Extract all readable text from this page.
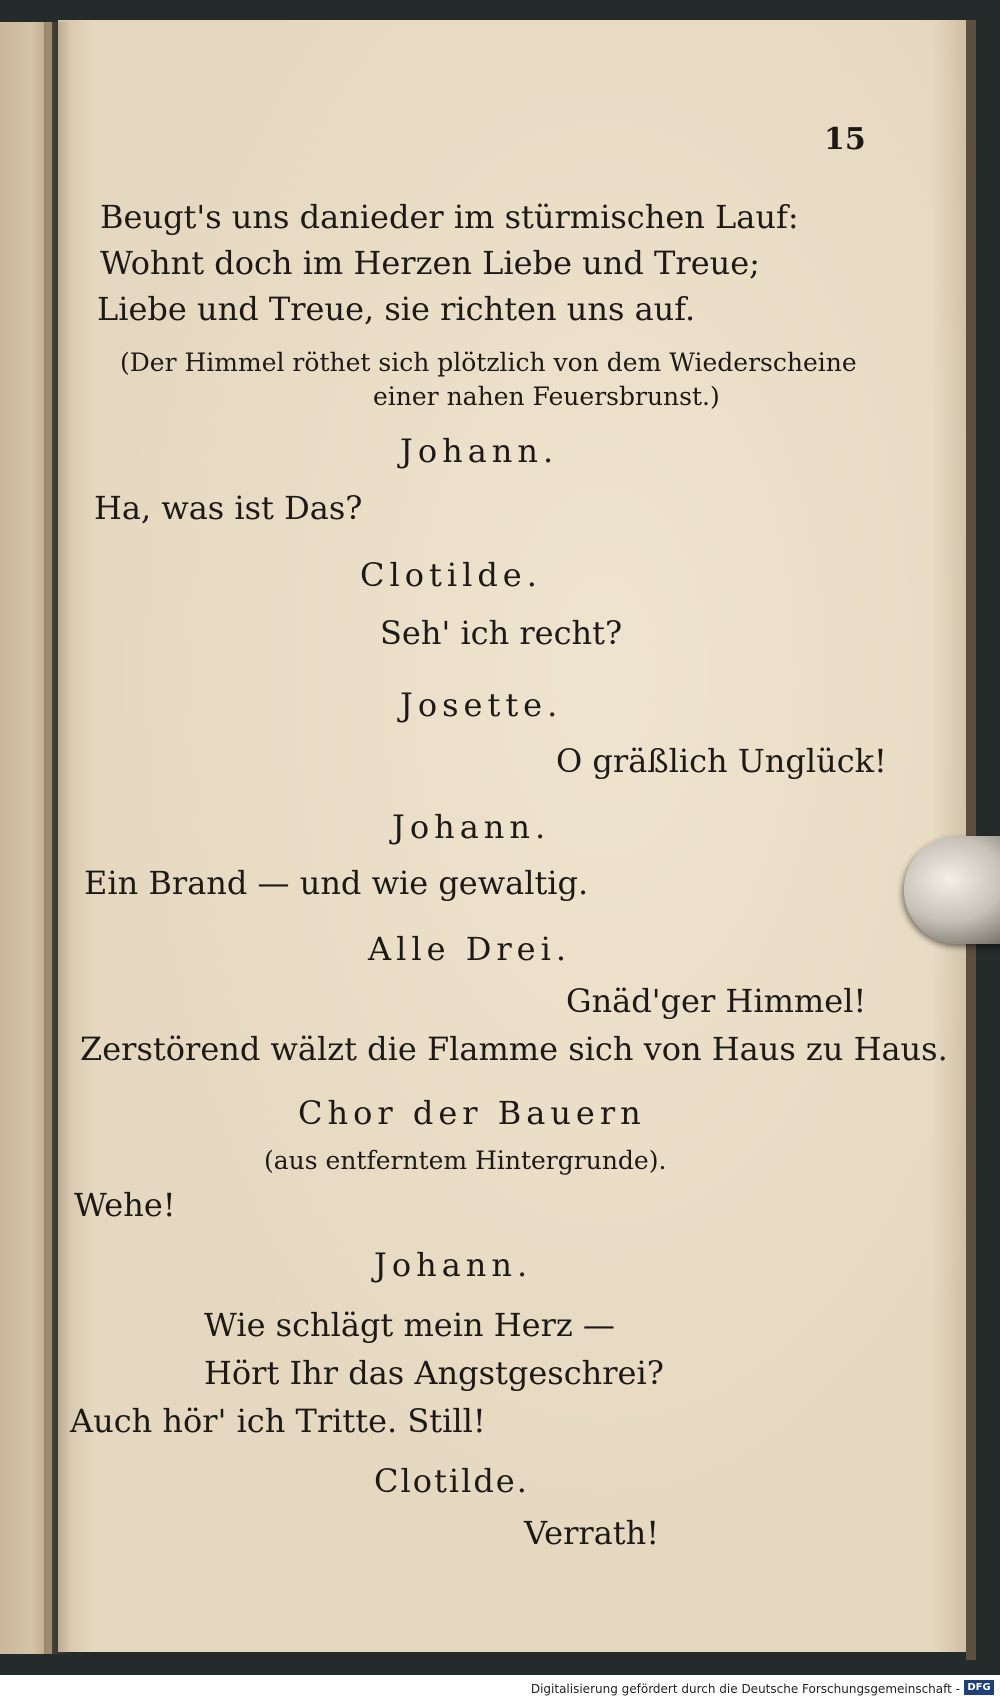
15
Beugt's uns danieder im stürmischen Lauf:
Wohnt doch im Herzen Liebe und Treue;
Liebe und Treue, sie richten uns auf.
(Der Himmel röthet sich plötzlich von dem Wiederscheine
einer nahen Feuersbrunst.)
Johann.
Ha, was ist Das?
Clotilde.
Seh' ich recht?
Josette.
O gräßlich Unglück!
Johann.
Ein Brand — und wie gewaltig.
Alle Drei.
Gnäd'ger Himmel!
Zerstörend wälzt die Flamme sich von Haus zu Haus.
Chor der Bauern
(aus entferntem Hintergrunde).
Wehe!
Johann.
Wie schlägt mein Herz —
Hört Ihr das Angstgeschrei?
Auch hör' ich Tritte. Still!
Clotilde.
Verrath!
Digitalisierung gefördert durch die Deutsche Forschungsgemeinschaft - DFG
